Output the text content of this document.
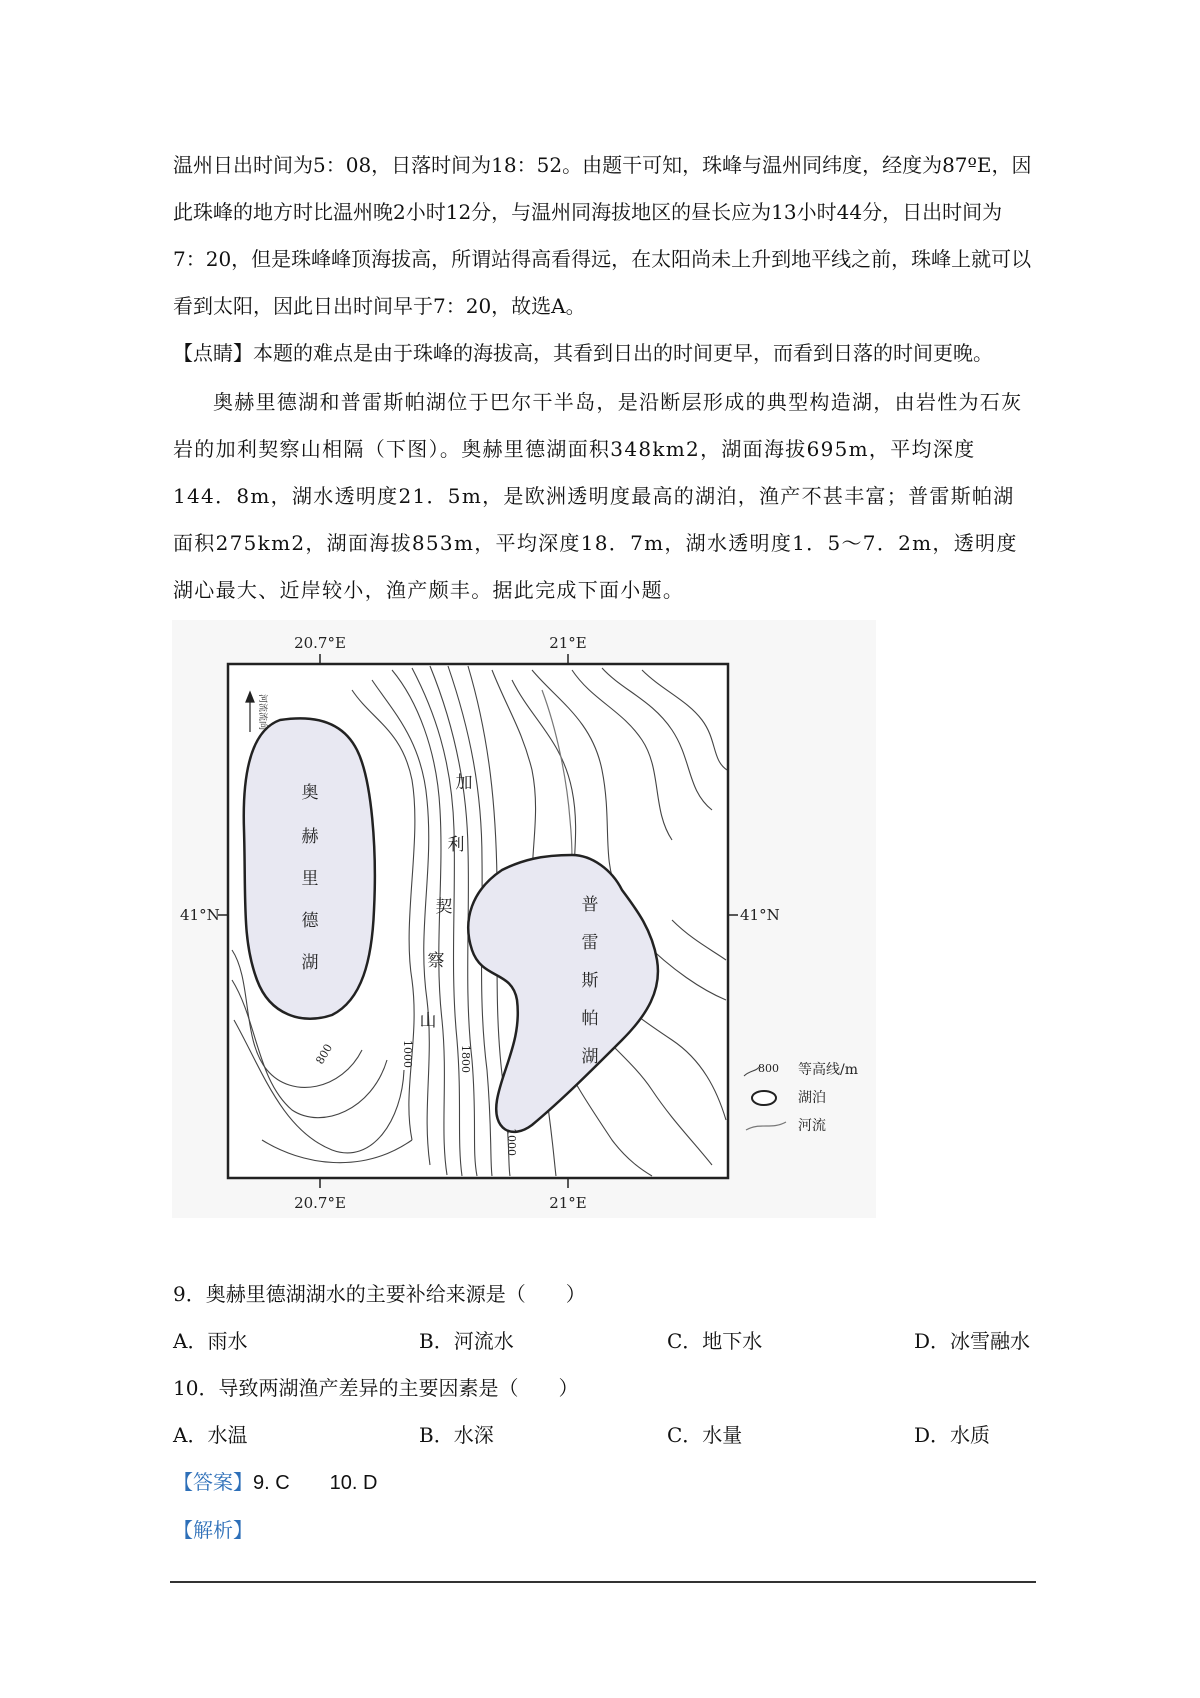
温州日出时间为5：08，日落时间为18：52。由题干可知，珠峰与温州同纬度，经度为87ºE，因此珠峰的地方时比温州晚2小时12分，与温州同海拔地区的昼长应为13小时44分，日出时间为7：20，但是珠峰峰顶海拔高，所谓站得高看得远，在太阳尚未上升到地平线之前，珠峰上就可以看到太阳，因此日出时间早于7：20，故选A。

【点睛】本题的难点是由于珠峰的海拔高，其看到日出的时间更早，而看到日落的时间更晚。

奥赫里德湖和普雷斯帕湖位于巴尔干半岛，是沿断层形成的典型构造湖，由岩性为石灰岩的加利契察山相隔（下图）。奥赫里德湖面积348km2，湖面海拔695m，平均深度144．8m，湖水透明度21．5m，是欧洲透明度最高的湖泊，渔产不甚丰富；普雷斯帕湖面积275km2，湖面海拔853m，平均深度18．7m，湖水透明度1．5～7．2m，透明度湖心最大、近岸较小，渔产颇丰。据此完成下面小题。

20.7°E	21°E
20.7°E	21°E
41°N	41°N
河流流向
奥
赫
里
德
湖
普
雷
斯
帕
湖
加
利
契
察
山
800	1000	1800
1000
800 等高线/m
湖泊
河流

9．奥赫里德湖湖水的主要补给来源是（　　）

A．雨水	B．河流水	C．地下水	D．冰雪融水

10．导致两湖渔产差异的主要因素是（　　）

A．水温	B．水深	C．水量	D．水质
【答案】9. C　　10. D
【解析】
